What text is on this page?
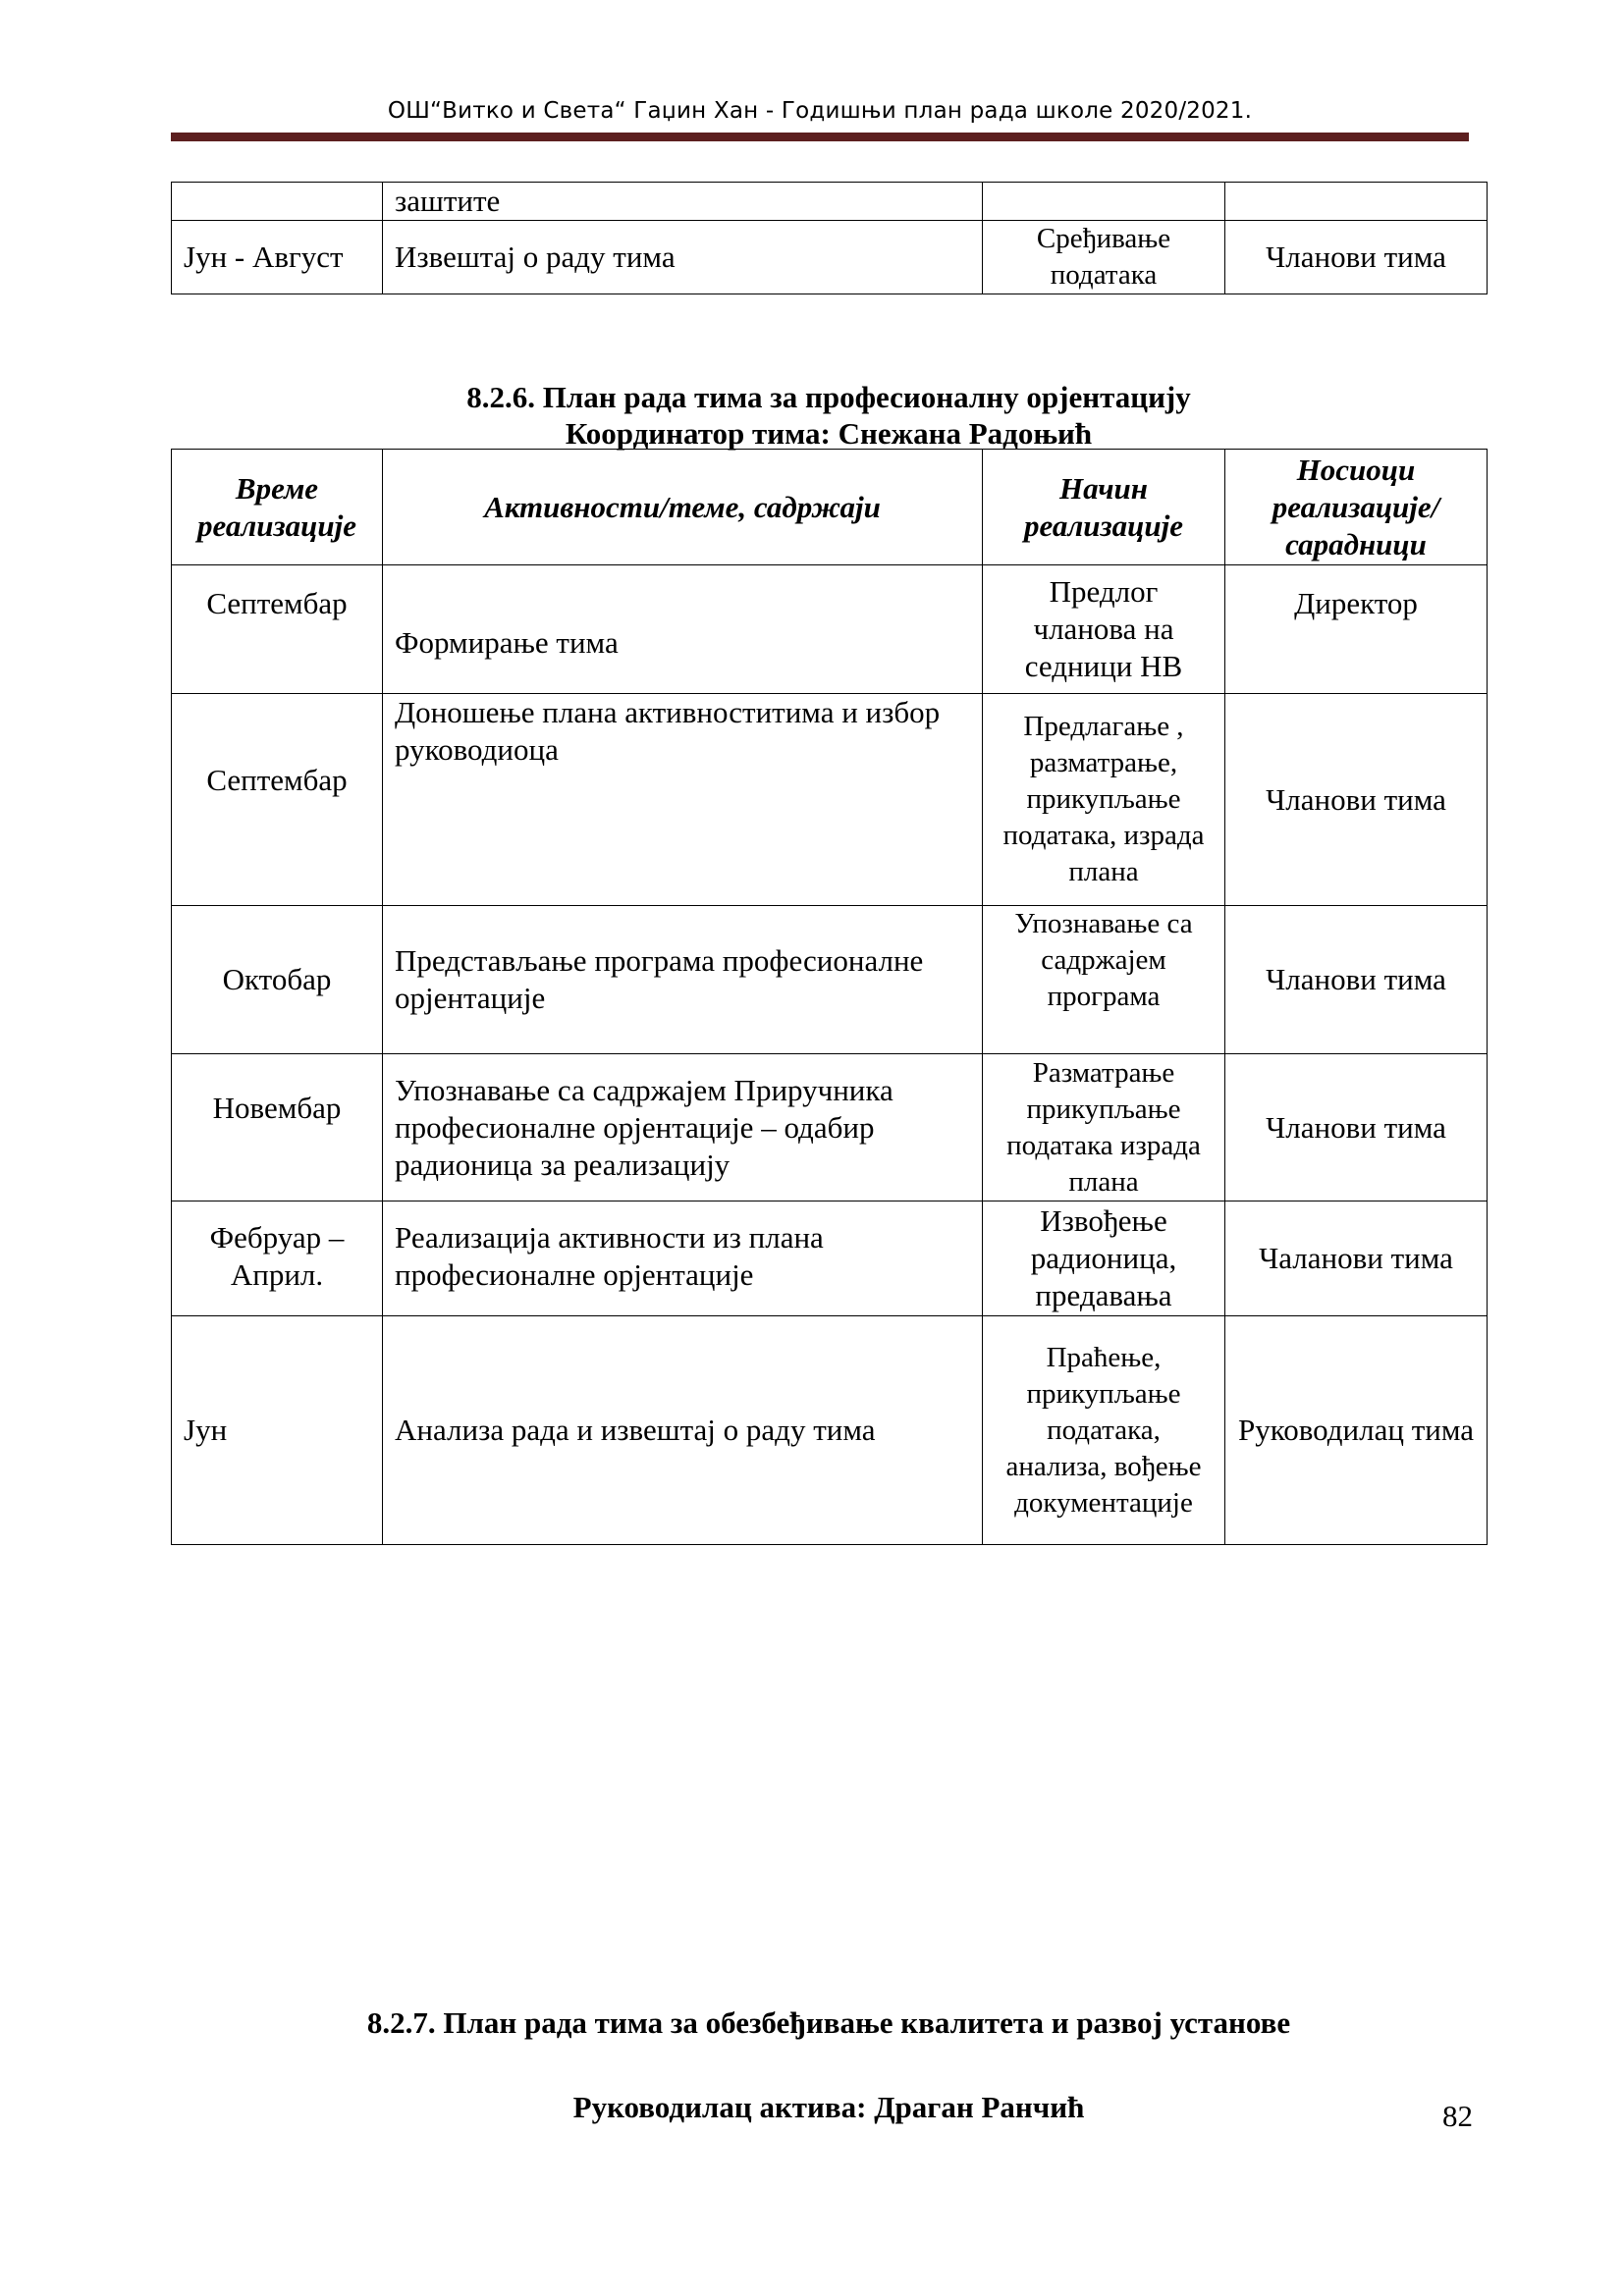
ОШ“Витко и Света“ Гаџин Хан - Годишњи план рада школе 2020/2021.
	заштите		
Јун - Август	Извештај о раду тима	Сређивање података	Чланови тима
8.2.6. План рада тима за професионалну орјентацију
Координатор тима: Снежана Радоњић
Време реализације	Активности/теме, садржаји	Начин реализације	Носиоци реализације/ сарадници
Септембар	Формирање тима	Предлог чланова на седници НВ	Директор
Септембар	Доношење плана активноститима и избор руководиоца	Предлагање , разматрање, прикупљање података, израда плана	Чланови тима
Октобар	Представљање програма професионалне орјентације	Упознавање са садржајем програма	Чланови тима
Новембар	Упознавање са садржајем Приручника професионалне орјентације – одабир радионица за реализацију	Разматрање прикупљање података израда плана	Чланови тима
Фебруар – Април.	Реализација активности из плана професионалне орјентације	Извођење радионица, предавања	Чаланови тима
Јун	Анализа рада и извештај о раду тима	Праћење, прикупљање података, анализа, вођење документације	Руководилац тима
8.2.7. План рада тима за обезбеђивање квалитета и развој установе
Руководилац актива: Драган Ранчић	82
